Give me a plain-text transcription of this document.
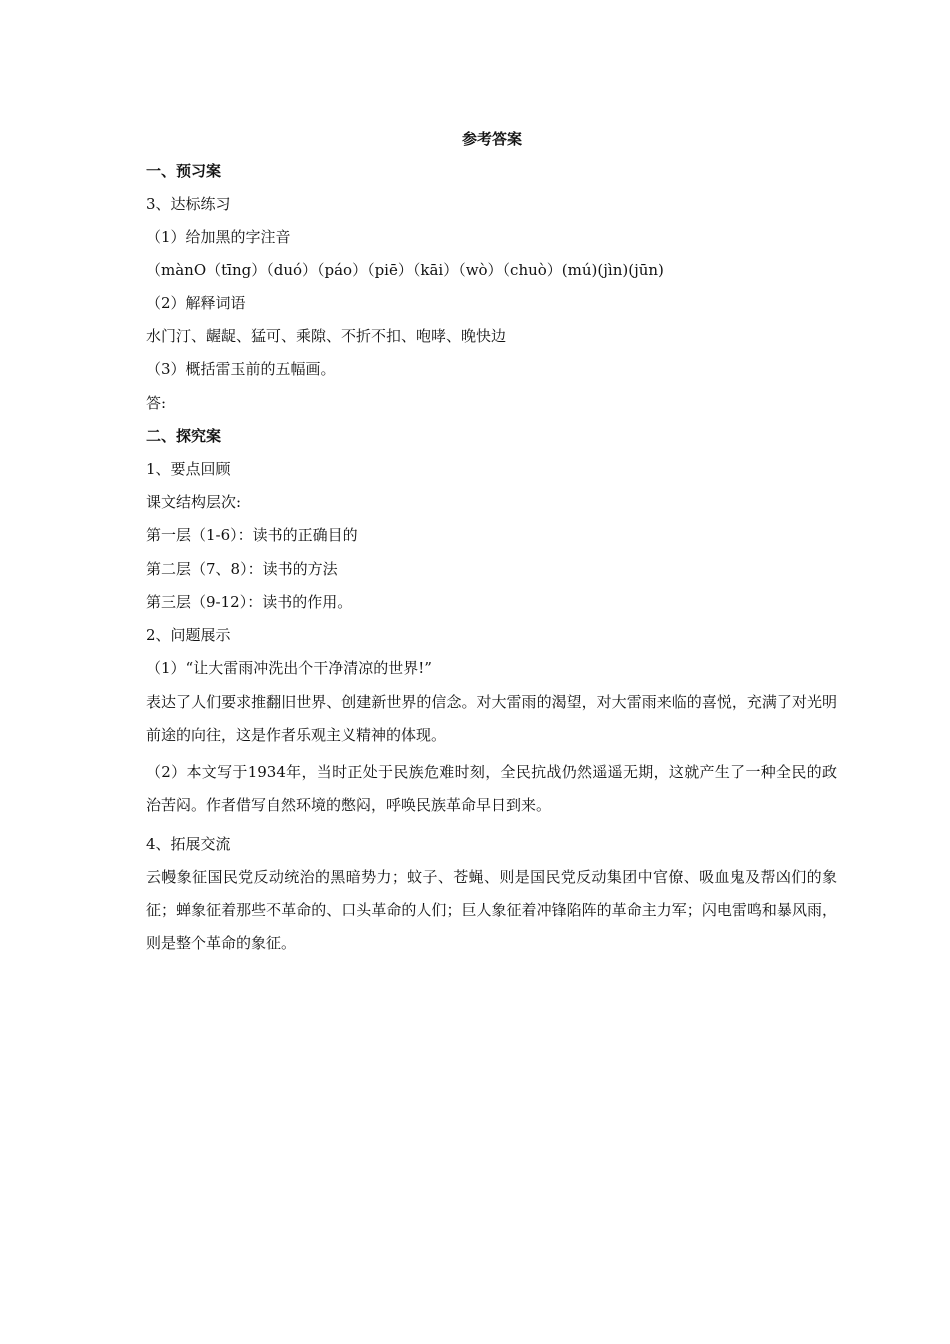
参考答案
一、预习案
3、达标练习
（1）给加黑的字注音
（mànO（tīng）（duó）（páo）（piē）（kāi）（wò）（chuò）(mú)(jìn)(jūn)
（2）解释词语
水门汀、龌龊、猛可、乘隙、不折不扣、咆哮、晚快边
（3）概括雷玉前的五幅画。
答:
二、探究案
1、要点回顾
课文结构层次:
第一层（1-6）：读书的正确目的
第二层（7、8）：读书的方法
第三层（9-12）：读书的作用。
2、问题展示
（1）“让大雷雨冲洗出个干净清凉的世界!”
表达了人们要求推翻旧世界、创建新世界的信念。对大雷雨的渴望，对大雷雨来临的喜悦，充满了对光明前途的向往，这是作者乐观主义精神的体现。
（2）本文写于1934年，当时正处于民族危难时刻，全民抗战仍然遥遥无期，这就产生了一种全民的政治苦闷。作者借写自然环境的憋闷，呼唤民族革命早日到来。
4、拓展交流
云幔象征国民党反动统治的黑暗势力；蚊子、苍蝇、则是国民党反动集团中官僚、吸血鬼及帮凶们的象征；蝉象征着那些不革命的、口头革命的人们；巨人象征着冲锋陷阵的革命主力军；闪电雷鸣和暴风雨，则是整个革命的象征。
